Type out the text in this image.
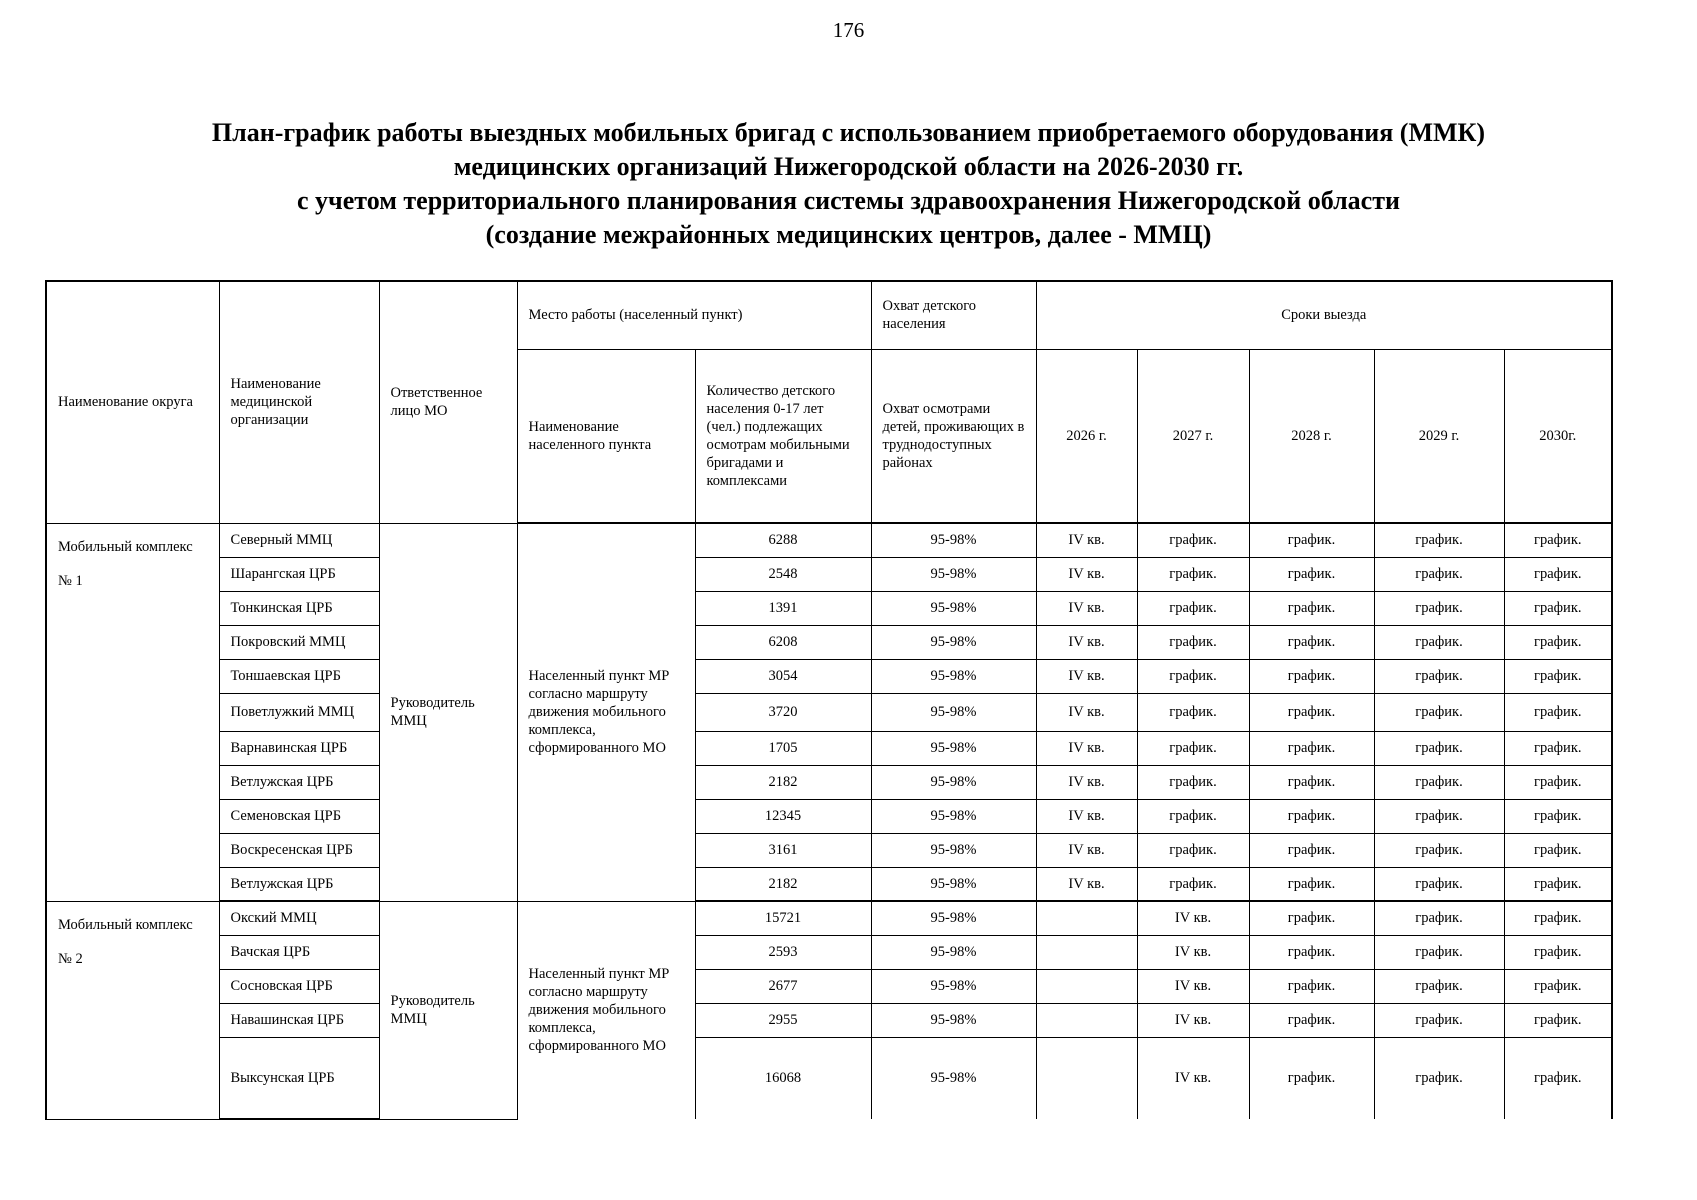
176
План-график работы выездных мобильных бригад с использованием приобретаемого оборудования (ММК)
медицинских организаций Нижегородской области на 2026-2030 гг.
с учетом территориального планирования системы здравоохранения Нижегородской области
(создание межрайонных медицинских центров, далее - ММЦ)
Наименование округа	Наименование медицинской организации	Ответственное лицо МО	Место работы (населенный пункт)		Охват детского населения	Сроки выезда				
			Наименование населенного пункта	Количество детского населения 0-17 лет (чел.) подлежащих осмотрам мобильными бригадами и комплексами	Охват осмотрами детей, проживающих в труднодоступных районах	2026 г.	2027 г.	2028 г.	2029 г.	2030г.
Мобильный комплекс № 1	Северный ММЦ	Руководитель ММЦ	Населенный пункт МР согласно маршруту движения мобильного комплекса, сформированного МО	6288	95-98%	IV кв.	график.	график.	график.	график.
	Шарангская ЦРБ			2548	95-98%	IV кв.	график.	график.	график.	график.
	Тонкинская ЦРБ			1391	95-98%	IV кв.	график.	график.	график.	график.
	Покровский ММЦ			6208	95-98%	IV кв.	график.	график.	график.	график.
	Тоншаевская ЦРБ			3054	95-98%	IV кв.	график.	график.	график.	график.
	Поветлужкий ММЦ			3720	95-98%	IV кв.	график.	график.	график.	график.
	Варнавинская ЦРБ			1705	95-98%	IV кв.	график.	график.	график.	график.
	Ветлужская ЦРБ			2182	95-98%	IV кв.	график.	график.	график.	график.
	Семеновская ЦРБ			12345	95-98%	IV кв.	график.	график.	график.	график.
	Воскресенская ЦРБ			3161	95-98%	IV кв.	график.	график.	график.	график.
	Ветлужская ЦРБ			2182	95-98%	IV кв.	график.	график.	график.	график.
Мобильный комплекс № 2	Окский ММЦ	Руководитель ММЦ	Населенный пункт МР согласно маршруту движения мобильного комплекса, сформированного МО	15721	95-98%		IV кв.	график.	график.	график.
	Вачская ЦРБ			2593	95-98%		IV кв.	график.	график.	график.
	Сосновская ЦРБ			2677	95-98%		IV кв.	график.	график.	график.
	Навашинская ЦРБ			2955	95-98%		IV кв.	график.	график.	график.
	Выксунская ЦРБ			16068	95-98%		IV кв.	график.	график.	график.
